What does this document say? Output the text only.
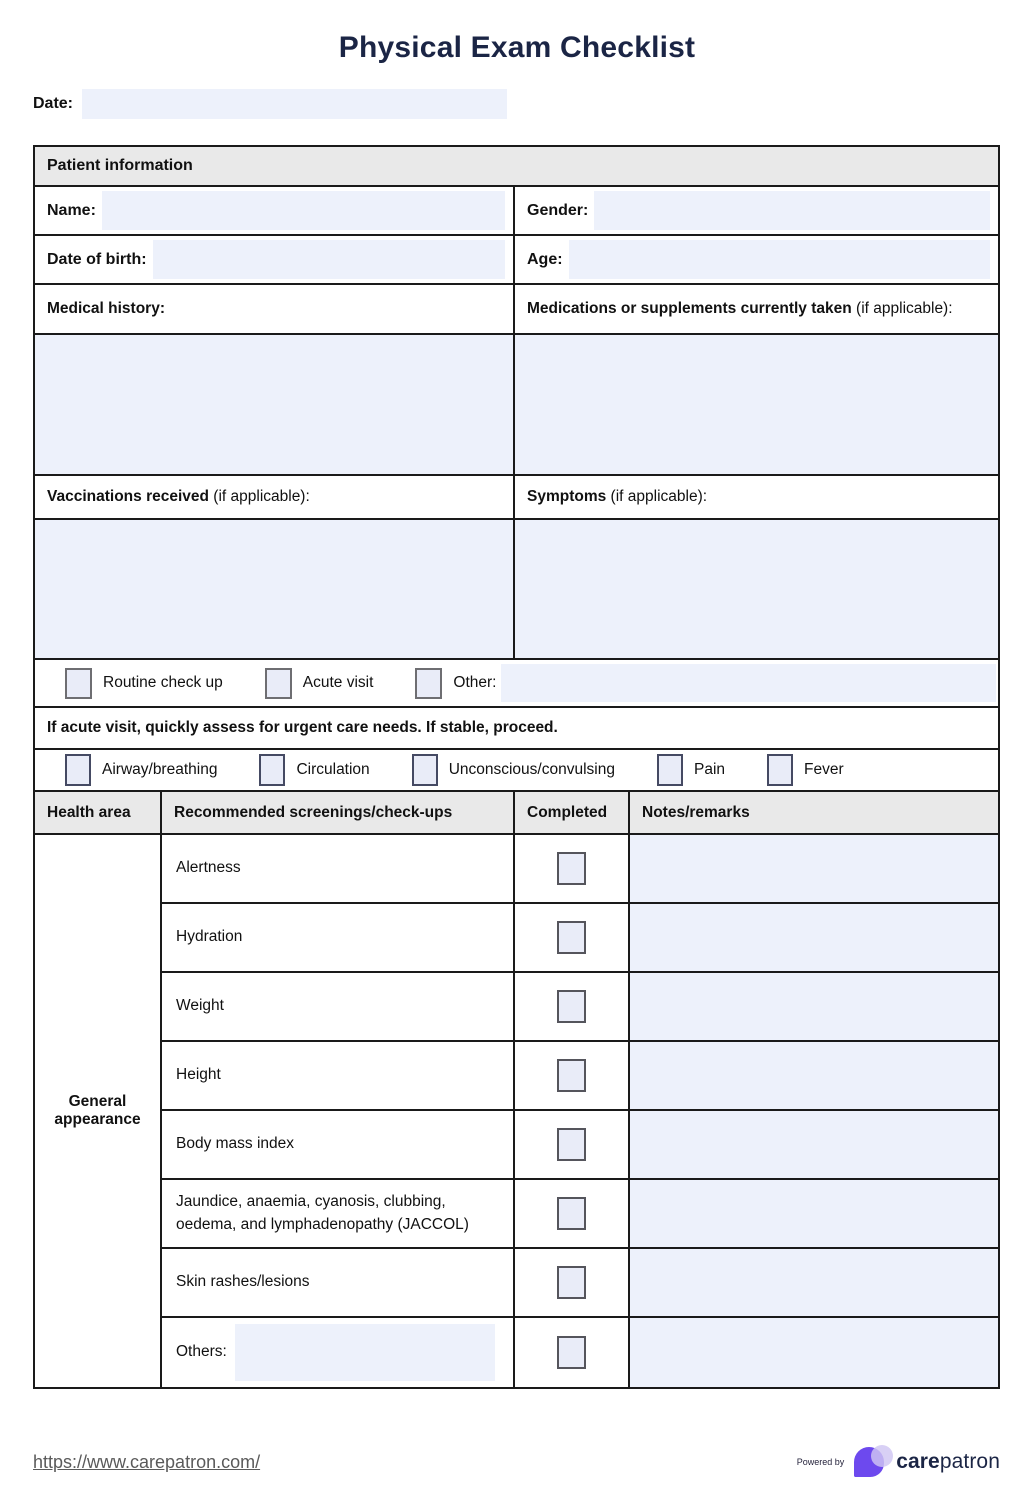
Physical Exam Checklist
Date:
Patient information
Name:	Gender:
Date of birth:	Age:
Medical history:	Medications or supplements currently taken (if applicable):
Vaccinations received (if applicable):	Symptoms (if applicable):
Routine check up	Acute visit	Other:
If acute visit, quickly assess for urgent care needs. If stable, proceed.
Airway/breathing	Circulation	Unconscious/convulsing	Pain	Fever
Health area	Recommended screenings/check-ups	Completed	Notes/remarks
General appearance
Alertness
Hydration
Weight
Height
Body mass index
Jaundice, anaemia, cyanosis, clubbing, oedema, and lymphadenopathy (JACCOL)
Skin rashes/lesions
Others:
https://www.carepatron.com/	Powered by carepatron
